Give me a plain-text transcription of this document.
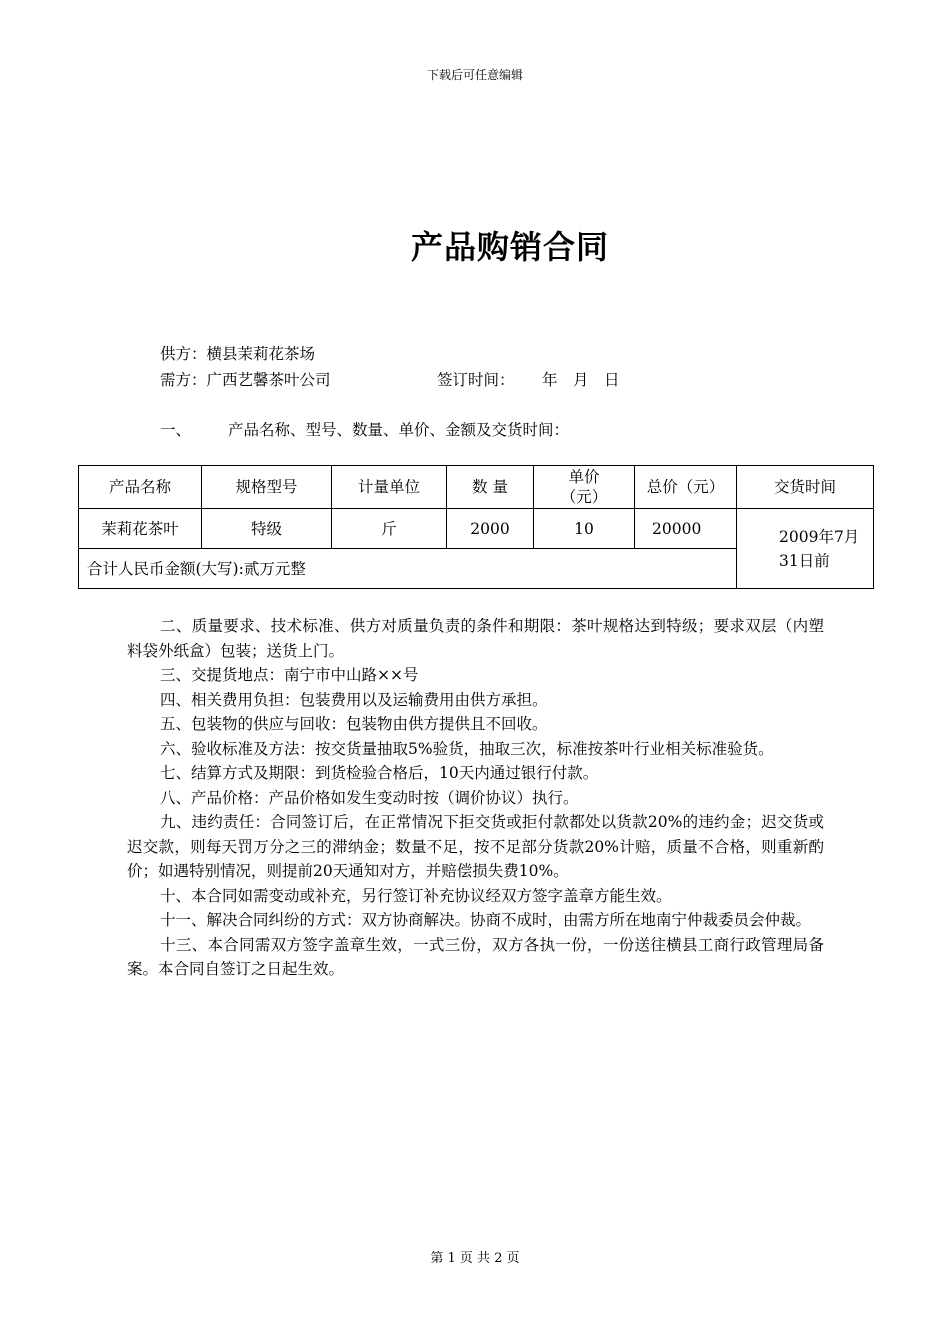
下载后可任意编辑
产品购销合同
供方：横县茉莉花茶场
需方：广西艺馨茶叶公司	签订时间： 年　月　日
一、 产品名称、型号、数量、单价、金额及交货时间：
产品名称	规格型号	计量单位	数 量	单价（元）	总价（元）	交货时间
茉莉花茶叶	特级	斤	2000	10	20000	2009年7月31日前
合计人民币金额(大写):贰万元整						

二、质量要求、技术标准、供方对质量负责的条件和期限：茶叶规格达到特级；要求双层（内塑料袋外纸盒）包装；送货上门。

三、交提货地点：南宁市中山路××号

四、相关费用负担：包装费用以及运输费用由供方承担。

五、包装物的供应与回收：包装物由供方提供且不回收。

六、验收标准及方法：按交货量抽取5%验货，抽取三次，标准按茶叶行业相关标准验货。

七、结算方式及期限：到货检验合格后，10天内通过银行付款。

八、产品价格：产品价格如发生变动时按（调价协议）执行。

九、违约责任：合同签订后，在正常情况下拒交货或拒付款都处以货款20%的违约金；迟交货或迟交款，则每天罚万分之三的滞纳金；数量不足，按不足部分货款20%计赔，质量不合格，则重新酌价；如遇特别情况，则提前20天通知对方，并赔偿损失费10%。

十、本合同如需变动或补充，另行签订补充协议经双方签字盖章方能生效。

十一、解决合同纠纷的方式：双方协商解决。协商不成时，由需方所在地南宁仲裁委员会仲裁。

十三、本合同需双方签字盖章生效，一式三份，双方各执一份，一份送往横县工商行政管理局备案。本合同自签订之日起生效。

第 1 页 共 2 页
